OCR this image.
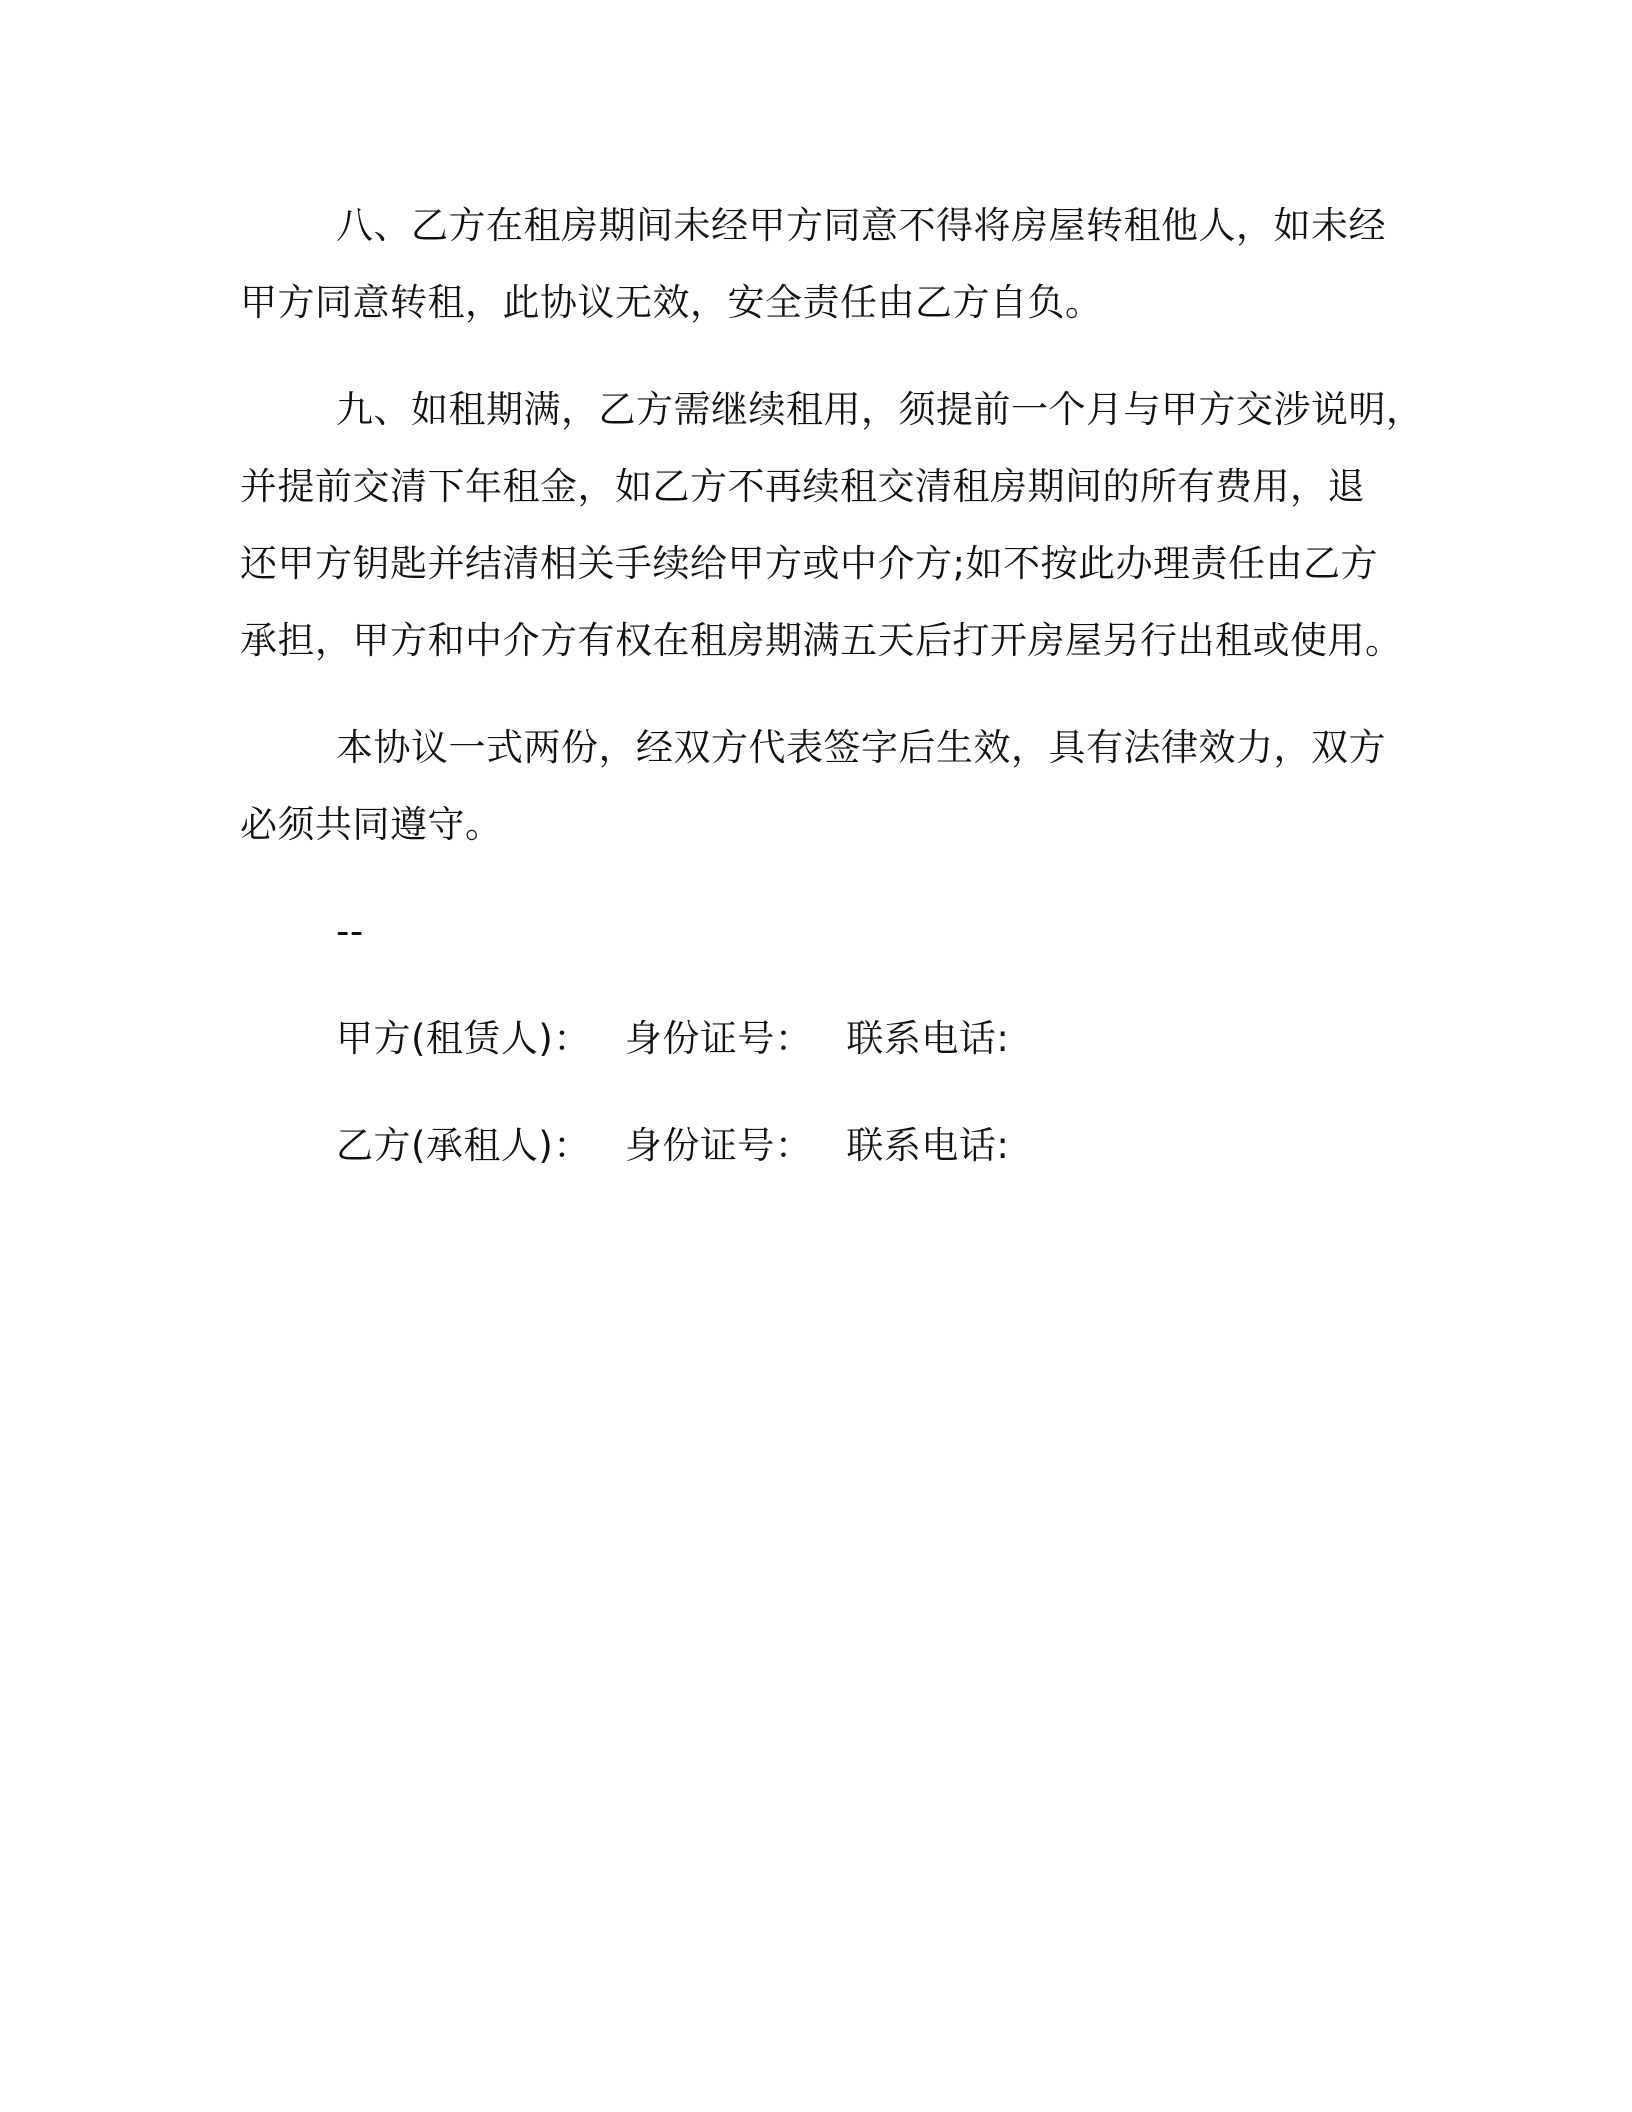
八、乙方在租房期间未经甲方同意不得将房屋转租他人，如未经
甲方同意转租，此协议无效，安全责任由乙方自负。

九、如租期满，乙方需继续租用，须提前一个月与甲方交涉说明，
并提前交清下年租金，如乙方不再续租交清租房期间的所有费用，退
还甲方钥匙并结清相关手续给甲方或中介方;如不按此办理责任由乙方
承担，甲方和中介方有权在租房期满五天后打开房屋另行出租或使用。

本协议一式两份，经双方代表签字后生效，具有法律效力，双方
必须共同遵守。

--
甲方(租赁人)： 身份证号： 联系电话:
乙方(承租人)： 身份证号： 联系电话:
